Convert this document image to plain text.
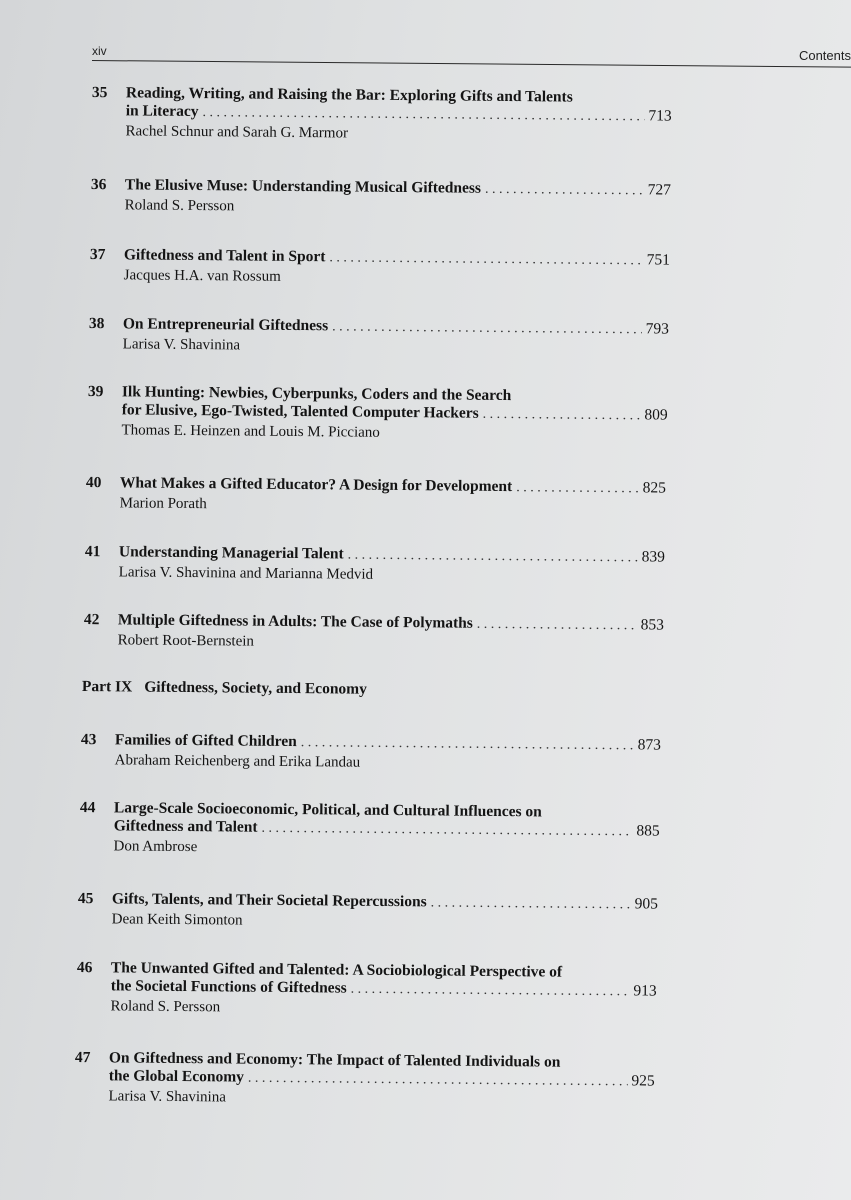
xiv	Contents
35	Reading, Writing, and Raising the Bar: Exploring Gifts and Talents
in Literacy . . .	713
Rachel Schnur and Sarah G. Marmor
36	The Elusive Muse: Understanding Musical Giftedness . . .	727
Roland S. Persson
37	Giftedness and Talent in Sport . . .	751
Jacques H.A. van Rossum
38	On Entrepreneurial Giftedness . . .	793
Larisa V. Shavinina
39	Ilk Hunting: Newbies, Cyberpunks, Coders and the Search
for Elusive, Ego-Twisted, Talented Computer Hackers . . .	809
Thomas E. Heinzen and Louis M. Picciano
40	What Makes a Gifted Educator? A Design for Development . . .	825
Marion Porath
41	Understanding Managerial Talent . . .	839
Larisa V. Shavinina and Marianna Medvid
42	Multiple Giftedness in Adults: The Case of Polymaths . . .	853
Robert Root-Bernstein
Part IX Giftedness, Society, and Economy
43	Families of Gifted Children . . .	873
Abraham Reichenberg and Erika Landau
44	Large-Scale Socioeconomic, Political, and Cultural Influences on
Giftedness and Talent . . .	885
Don Ambrose
45	Gifts, Talents, and Their Societal Repercussions . . .	905
Dean Keith Simonton
46	The Unwanted Gifted and Talented: A Sociobiological Perspective of
the Societal Functions of Giftedness . . .	913
Roland S. Persson
47	On Giftedness and Economy: The Impact of Talented Individuals on
the Global Economy . . .	925
Larisa V. Shavinina
